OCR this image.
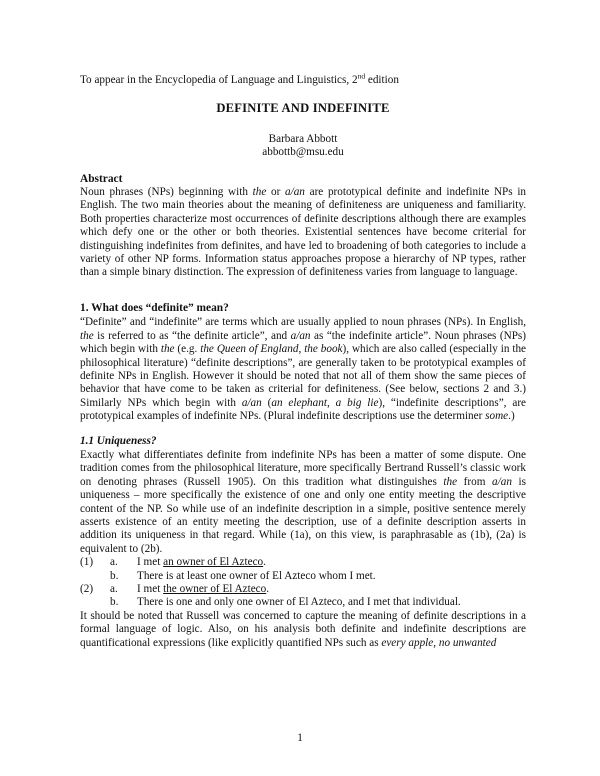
To appear in the Encyclopedia of Language and Linguistics, 2nd edition

DEFINITE AND INDEFINITE
Barbara Abbott
abbottb@msu.edu
Abstract

Noun phrases (NPs) beginning with the or a/an are prototypical definite and indefinite NPs in English. The two main theories about the meaning of definiteness are uniqueness and familiarity. Both properties characterize most occurrences of definite descriptions although there are examples which defy one or the other or both theories. Existential sentences have become criterial for distinguishing indefinites from definites, and have led to broadening of both categories to include a variety of other NP forms. Information status approaches propose a hierarchy of NP types, rather than a simple binary distinction. The expression of definiteness varies from language to language.

1. What does “definite” mean?

“Definite” and “indefinite” are terms which are usually applied to noun phrases (NPs). In English, the is referred to as “the definite article”, and a/an as “the indefinite article”. Noun phrases (NPs) which begin with the (e.g. the Queen of England, the book), which are also called (especially in the philosophical literature) “definite descriptions”, are generally taken to be prototypical examples of definite NPs in English. However it should be noted that not all of them show the same pieces of behavior that have come to be taken as criterial for definiteness. (See below, sections 2 and 3.) Similarly NPs which begin with a/an (an elephant, a big lie), “indefinite descriptions”, are prototypical examples of indefinite NPs. (Plural indefinite descriptions use the determiner some.)

1.1 Uniqueness?

Exactly what differentiates definite from indefinite NPs has been a matter of some dispute. One tradition comes from the philosophical literature, more specifically Bertrand Russell’s classic work on denoting phrases (Russell 1905). On this tradition what distinguishes the from a/an is uniqueness – more specifically the existence of one and only one entity meeting the descriptive content of the NP. So while use of an indefinite description in a simple, positive sentence merely asserts existence of an entity meeting the description, use of a definite description asserts in addition its uniqueness in that regard. While (1a), on this view, is paraphrasable as (1b), (2a) is equivalent to (2b).

(1)	a.	I met an owner of El Azteco.
b.	There is at least one owner of El Azteco whom I met.
(2)	a.	I met the owner of El Azteco.
b.	There is one and only one owner of El Azteco, and I met that individual.

It should be noted that Russell was concerned to capture the meaning of definite descriptions in a formal language of logic. Also, on his analysis both definite and indefinite descriptions are quantificational expressions (like explicitly quantified NPs such as every apple, no unwanted

1
